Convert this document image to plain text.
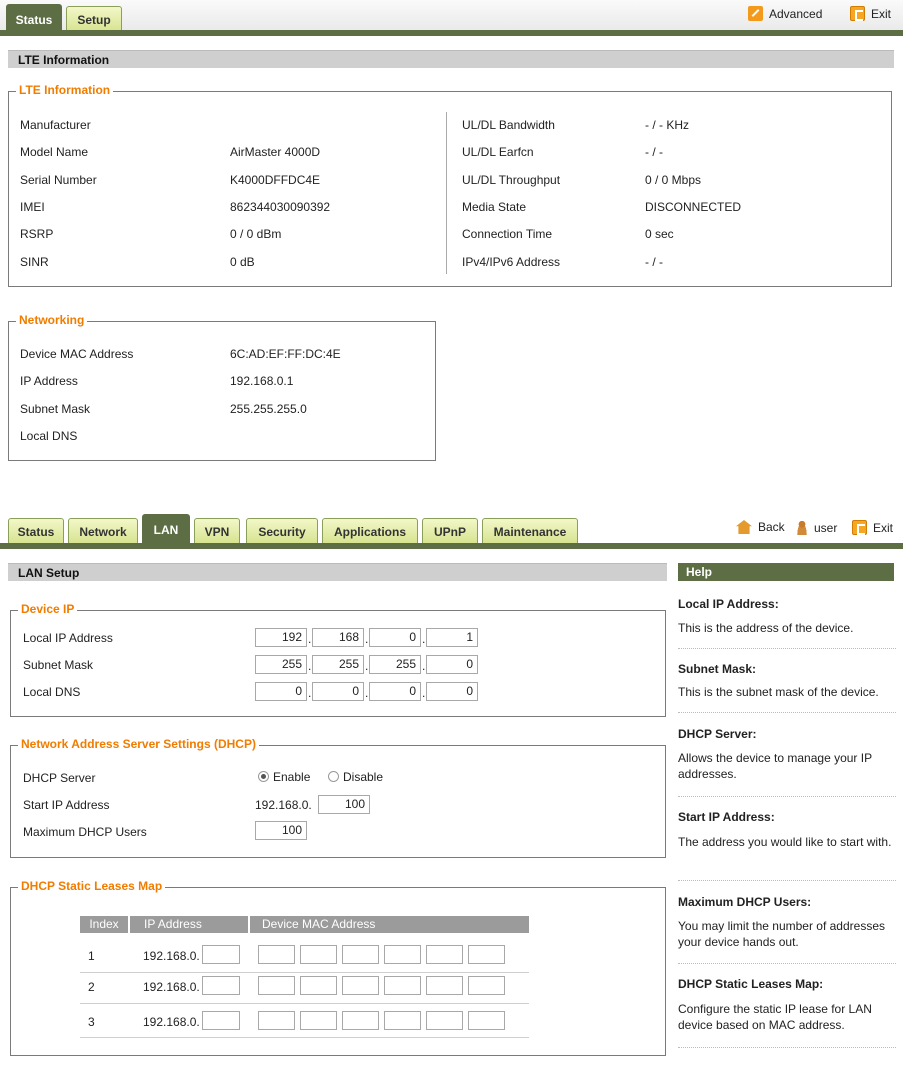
Status	Setup	Advanced	Exit
LTE Information
LTE Information
Manufacturer
Model Name	AirMaster 4000D
Serial Number	K4000DFFDC4E
IMEI	862344030090392
RSRP	0 / 0 dBm
SINR	0 dB
UL/DL Bandwidth	- / - KHz
UL/DL Earfcn	- / -
UL/DL Throughput	0 / 0 Mbps
Media State	DISCONNECTED
Connection Time	0 sec
IPv4/IPv6 Address	- / -
Networking
Device MAC Address	6C:AD:EF:FF:DC:4E
IP Address	192.168.0.1
Subnet Mask	255.255.255.0
Local DNS
Status	Network	LAN	VPN	Security	Applications	UPnP	Maintenance	Back user	Exit
LAN Setup	Help
Device IP
Local IP Address	192 .	168 .	0 .	1
Subnet Mask	255 .	255 .	255 .	0
Local DNS	0 .	0 .	0 .	0
Network Address Server Settings (DHCP)
DHCP Server	Enable	Disable
Start IP Address	192.168.0.	100
Maximum DHCP Users	100
DHCP Static Leases Map
Index	IP Address	Device MAC Address
1	192.168.0.
2	192.168.0.
3	192.168.0.
Local IP Address:
This is the address of the device.
Subnet Mask:
This is the subnet mask of the device.
DHCP Server:
Allows the device to manage your IP addresses.
Start IP Address:
The address you would like to start with.
Maximum DHCP Users:
You may limit the number of addresses your device hands out.
DHCP Static Leases Map:
Configure the static IP lease for LAN device based on MAC address.
